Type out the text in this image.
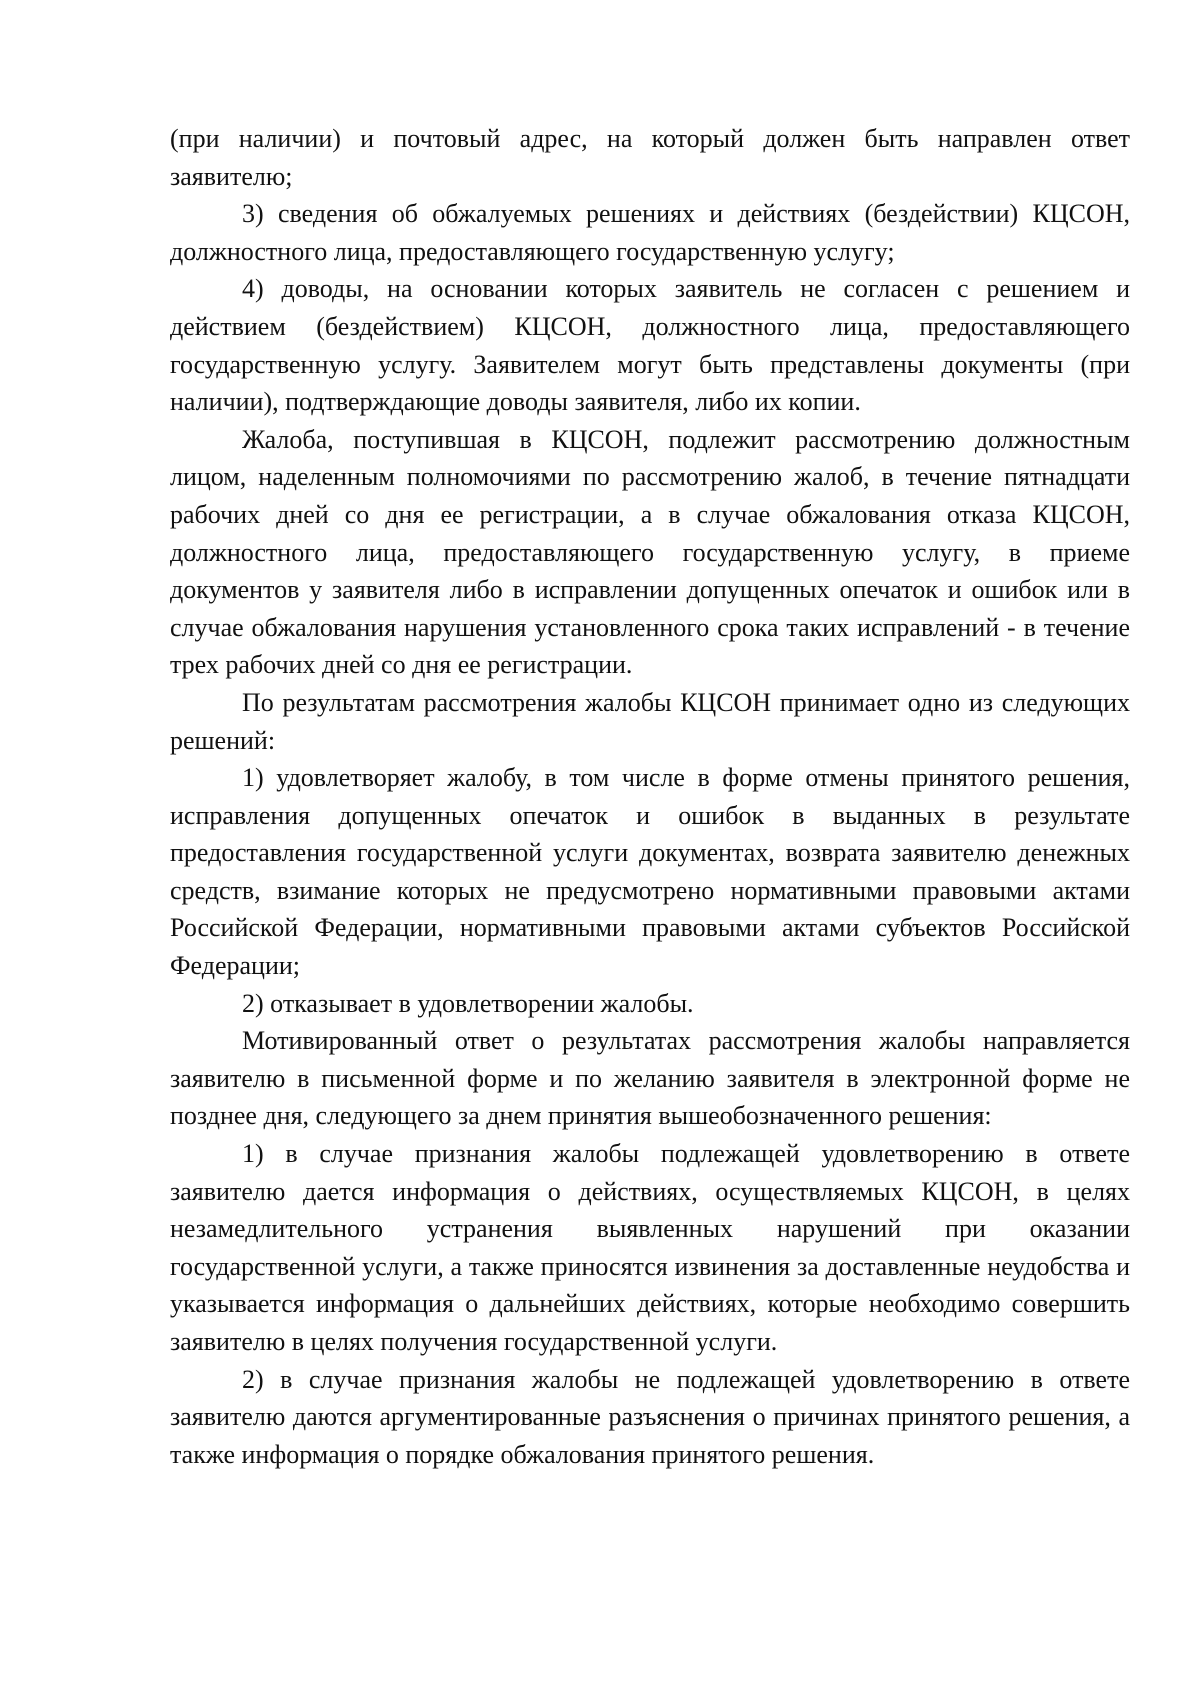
(при наличии) и почтовый адрес, на который должен быть направлен ответ заявителю;

3) сведения об обжалуемых решениях и действиях (бездействии) КЦСОН, должностного лица, предоставляющего государственную услугу;

4) доводы, на основании которых заявитель не согласен с решением и действием (бездействием) КЦСОН, должностного лица, предоставляющего государственную услугу. Заявителем могут быть представлены документы (при наличии), подтверждающие доводы заявителя, либо их копии.

Жалоба, поступившая в КЦСОН, подлежит рассмотрению должностным лицом, наделенным полномочиями по рассмотрению жалоб, в течение пятнадцати рабочих дней со дня ее регистрации, а в случае обжалования отказа КЦСОН, должностного лица, предоставляющего государственную услугу, в приеме документов у заявителя либо в исправлении допущенных опечаток и ошибок или в случае обжалования нарушения установленного срока таких исправлений - в течение трех рабочих дней со дня ее регистрации.

По результатам рассмотрения жалобы КЦСОН принимает одно из следующих решений:

1) удовлетворяет жалобу, в том числе в форме отмены принятого решения, исправления допущенных опечаток и ошибок в выданных в результате предоставления государственной услуги документах, возврата заявителю денежных средств, взимание которых не предусмотрено нормативными правовыми актами Российской Федерации, нормативными правовыми актами субъектов Российской Федерации;

2) отказывает в удовлетворении жалобы.

Мотивированный ответ о результатах рассмотрения жалобы направляется заявителю в письменной форме и по желанию заявителя в электронной форме не позднее дня, следующего за днем принятия вышеобозначенного решения:

1) в случае признания жалобы подлежащей удовлетворению в ответе заявителю дается информация о действиях, осуществляемых КЦСОН, в целях незамедлительного устранения выявленных нарушений при оказании государственной услуги, а также приносятся извинения за доставленные неудобства и указывается информация о дальнейших действиях, которые необходимо совершить заявителю в целях получения государственной услуги.

2) в случае признания жалобы не подлежащей удовлетворению в ответе заявителю даются аргументированные разъяснения о причинах принятого решения, а также информация о порядке обжалования принятого решения.
